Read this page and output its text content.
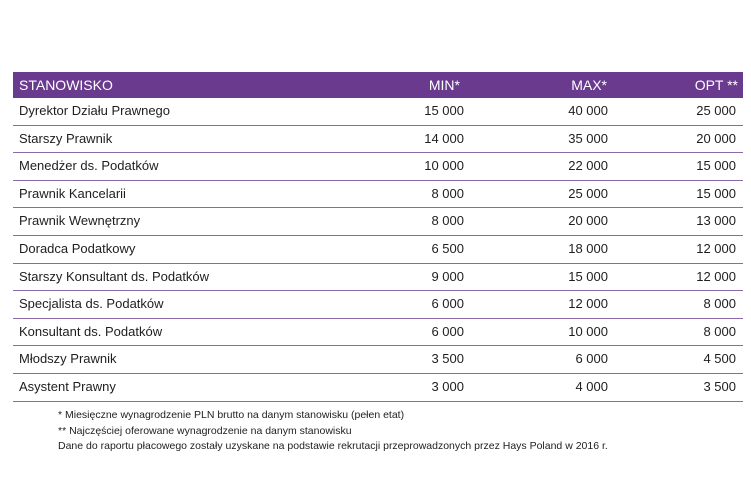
STANOWISKO	MIN*	MAX*	OPT **
Dyrektor Działu Prawnego	15 000	40 000	25 000
Starszy Prawnik	14 000	35 000	20 000
Menedżer ds. Podatków	10 000	22 000	15 000
Prawnik Kancelarii	8 000	25 000	15 000
Prawnik Wewnętrzny	8 000	20 000	13 000
Doradca Podatkowy	6 500	18 000	12 000
Starszy Konsultant ds. Podatków	9 000	15 000	12 000
Specjalista ds. Podatków	6 000	12 000	8 000
Konsultant ds. Podatków	6 000	10 000	8 000
Młodszy Prawnik	3 500	6 000	4 500
Asystent Prawny	3 000	4 000	3 500
* Miesięczne wynagrodzenie PLN brutto na danym stanowisku (pełen etat)
** Najczęściej oferowane wynagrodzenie na danym stanowisku
Dane do raportu płacowego zostały uzyskane na podstawie rekrutacji przeprowadzonych przez Hays Poland w 2016 r.
